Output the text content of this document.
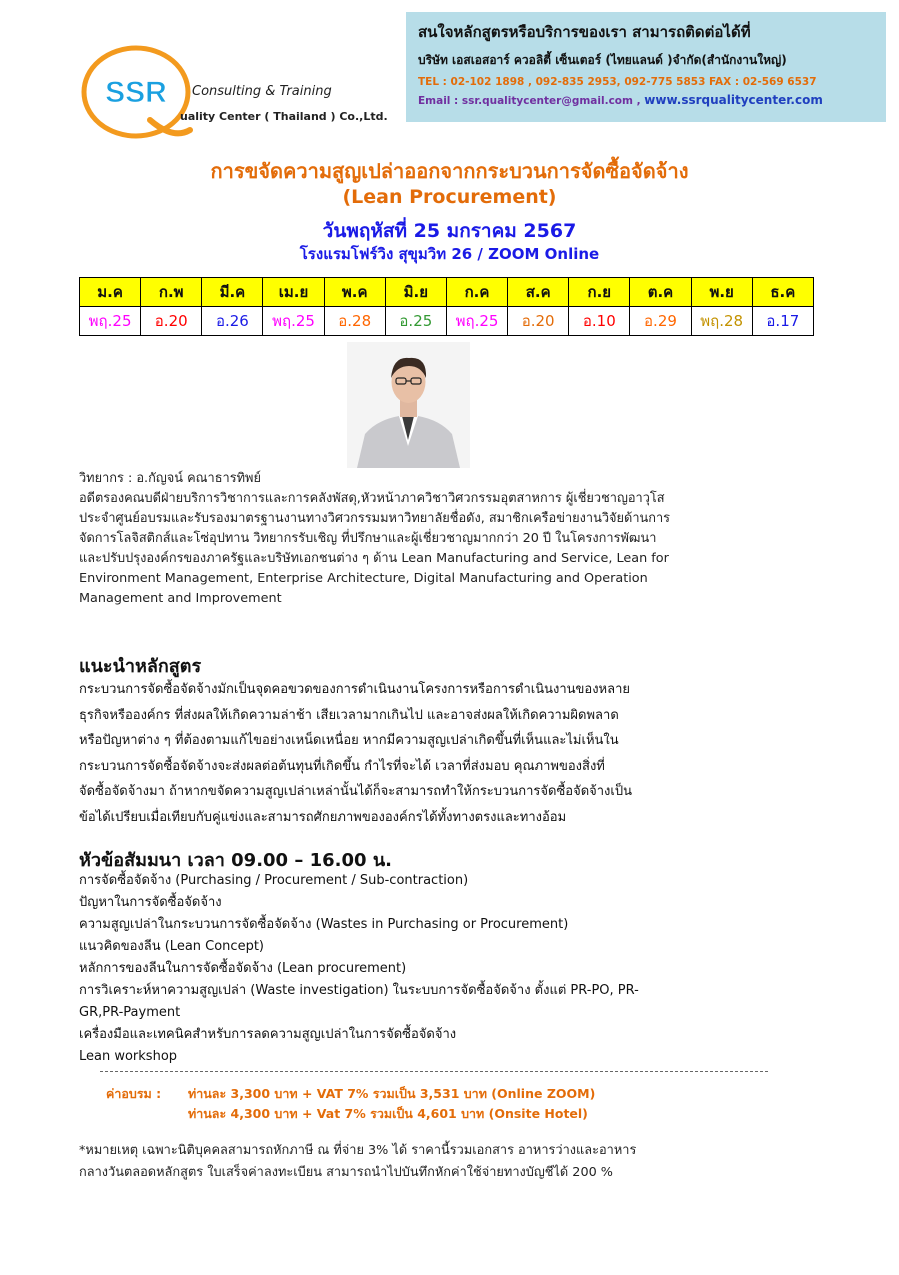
SSR Consulting & Training
uality Center ( Thailand ) Co.,Ltd.
สนใจหลักสูตรหรือบริการของเรา สามารถติดต่อได้ที่
บริษัท เอสเอสอาร์ ควอลิตี้ เซ็นเตอร์ (ไทยแลนด์ )จำกัด(สำนักงานใหญ่)
TEL : 02-102 1898 , 092-835 2953, 092-775 5853 FAX : 02-569 6537
Email : ssr.qualitycenter@gmail.com , www.ssrqualitycenter.com
การขจัดความสูญเปล่าออกจากกระบวนการจัดซื้อจัดจ้าง
(Lean Procurement)
วันพฤหัสที่ 25 มกราคม 2567
โรงแรมโฟร์วิง สุขุมวิท 26 / ZOOM Online
ม.ค	ก.พ	มี.ค	เม.ย	พ.ค	มิ.ย	ก.ค	ส.ค	ก.ย	ต.ค	พ.ย	ธ.ค
พฤ.25	อ.20	อ.26	พฤ.25	อ.28	อ.25	พฤ.25	อ.20	อ.10	อ.29	พฤ.28	อ.17
วิทยากร : อ.กัญจน์ คณาธารทิพย์
อดีตรองคณบดีฝ่ายบริการวิชาการและการคลังพัสดุ,หัวหน้าภาควิชาวิศวกรรมอุตสาหการ ผู้เชี่ยวชาญอาวุโส
ประจำศูนย์อบรมและรับรองมาตรฐานงานทางวิศวกรรมมหาวิทยาลัยชื่อดัง, สมาชิกเครือข่ายงานวิจัยด้านการ
จัดการโลจิสติกส์และโซ่อุปทาน วิทยากรรับเชิญ ที่ปรึกษาและผู้เชี่ยวชาญมากกว่า 20 ปี ในโครงการพัฒนา
และปรับปรุงองค์กรของภาครัฐและบริษัทเอกชนต่าง ๆ ด้าน Lean Manufacturing and Service, Lean for
Environment Management, Enterprise Architecture, Digital Manufacturing and Operation
Management and Improvement
แนะนำหลักสูตร
กระบวนการจัดซื้อจัดจ้างมักเป็นจุดคอขวดของการดำเนินงานโครงการหรือการดำเนินงานของหลาย
ธุรกิจหรือองค์กร ที่ส่งผลให้เกิดความล่าช้า เสียเวลามากเกินไป และอาจส่งผลให้เกิดความผิดพลาด
หรือปัญหาต่าง ๆ ที่ต้องตามแก้ไขอย่างเหน็ดเหนื่อย หากมีความสูญเปล่าเกิดขึ้นที่เห็นและไม่เห็นใน
กระบวนการจัดซื้อจัดจ้างจะส่งผลต่อต้นทุนที่เกิดขึ้น กำไรที่จะได้ เวลาที่ส่งมอบ คุณภาพของสิ่งที่
จัดซื้อจัดจ้างมา ถ้าหากขจัดความสูญเปล่าเหล่านั้นได้ก็จะสามารถทำให้กระบวนการจัดซื้อจัดจ้างเป็น
ข้อได้เปรียบเมื่อเทียบกับคู่แข่งและสามารถศักยภาพขององค์กรได้ทั้งทางตรงและทางอ้อม
หัวข้อสัมมนา เวลา 09.00 – 16.00 น.
การจัดซื้อจัดจ้าง (Purchasing / Procurement / Sub-contraction)
ปัญหาในการจัดซื้อจัดจ้าง
ความสูญเปล่าในกระบวนการจัดซื้อจัดจ้าง (Wastes in Purchasing or Procurement)
แนวคิดของลีน (Lean Concept)
หลักการของลีนในการจัดซื้อจัดจ้าง (Lean procurement)
การวิเคราะห์หาความสูญเปล่า (Waste investigation) ในระบบการจัดซื้อจัดจ้าง ตั้งแต่ PR-PO, PR-
GR,PR-Payment
เครื่องมือและเทคนิคสำหรับการลดความสูญเปล่าในการจัดซื้อจัดจ้าง
Lean workshop
ค่าอบรม : ท่านละ 3,300 บาท + VAT 7% รวมเป็น 3,531 บาท (Online ZOOM)
ท่านละ 4,300 บาท + Vat 7% รวมเป็น 4,601 บาท (Onsite Hotel)
*หมายเหตุ เฉพาะนิติบุคคลสามารถหักภาษี ณ ที่จ่าย 3% ได้ ราคานี้รวมเอกสาร อาหารว่างและอาหาร
กลางวันตลอดหลักสูตร ใบเสร็จค่าลงทะเบียน สามารถนำไปบันทึกหักค่าใช้จ่ายทางบัญชีได้ 200 %
